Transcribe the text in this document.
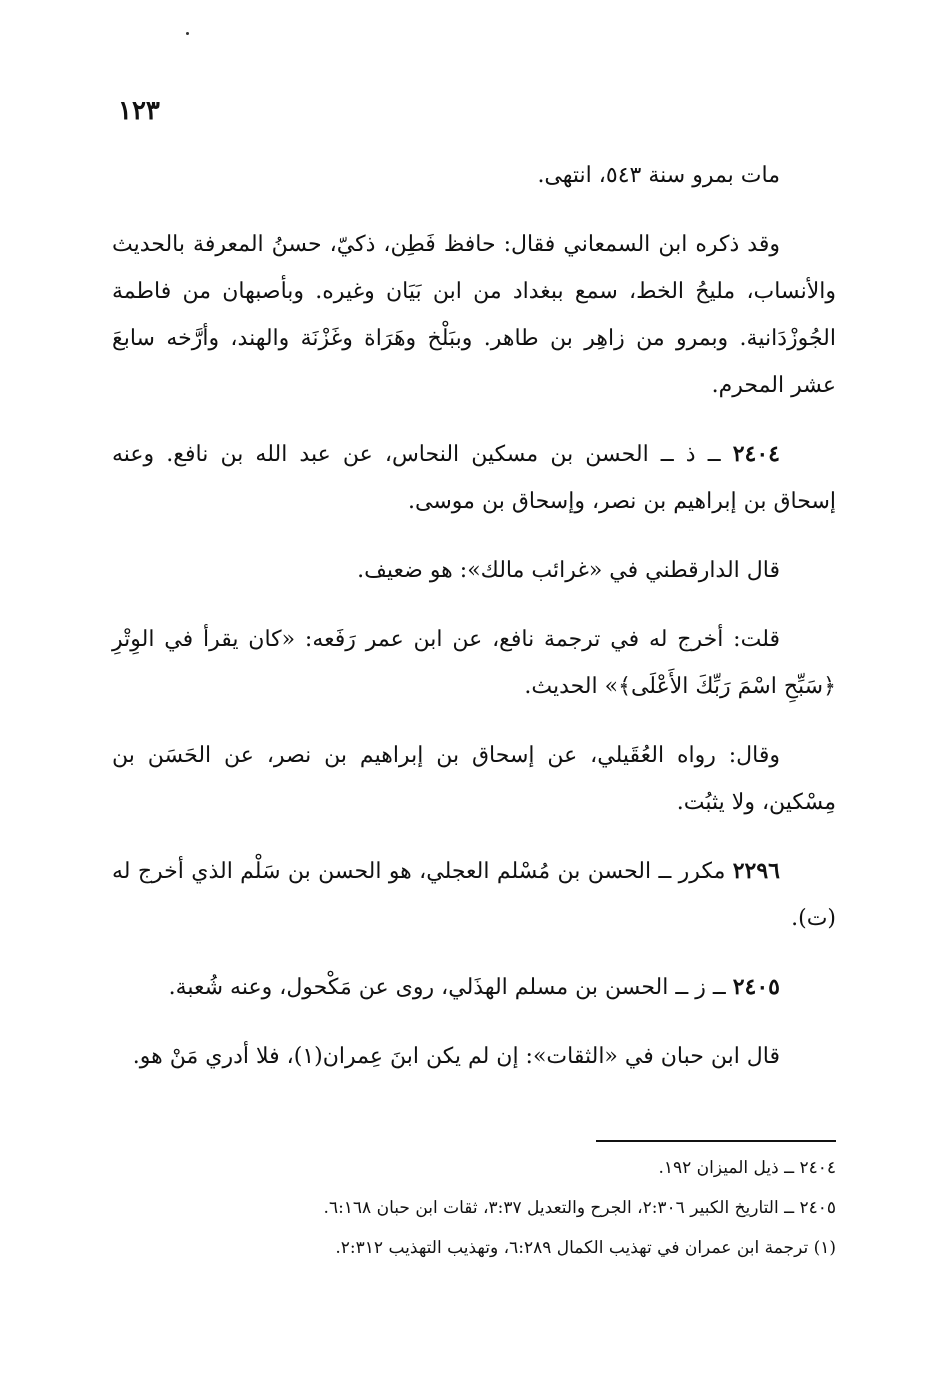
١٢٣

مات بمرو سنة ٥٤٣، انتهى.

وقد ذكره ابن السمعاني فقال: حافظ فَطِن، ذكيّ، حسنُ المعرفة بالحديث والأنساب، مليحُ الخط، سمع ببغداد من ابن بَيَان وغيره. وبأصبهان من فاطمة الجُوزْدَانية. وبمرو من زاهِر بن طاهر. وببَلْخ وهَرَاة وغَزْنَة والهند، وأرَّخه سابعَ عشر المحرم.

٢٤٠٤ ــ ذ ــ الحسن بن مسكين النحاس، عن عبد الله بن نافع. وعنه إسحاق بن إبراهيم بن نصر، وإسحاق بن موسى.

قال الدارقطني في «غرائب مالك»: هو ضعيف.

قلت: أخرج له في ترجمة نافع، عن ابن عمر رَفَعه: «كان يقرأ في الوِتْرِ ﴿سَبِّحِ اسْمَ رَبِّكَ الأَعْلَى﴾» الحديث.

وقال: رواه العُقَيلي، عن إسحاق بن إبراهيم بن نصر، عن الحَسَن بن مِسْكين، ولا يثبُت.

٢٢٩٦ مكرر ــ الحسن بن مُسْلم العجلي، هو الحسن بن سَلْم الذي أخرج له (ت).

٢٤٠٥ ــ ز ــ الحسن بن مسلم الهذَلي، روى عن مَكْحول، وعنه شُعبة.

قال ابن حبان في «الثقات»: إن لم يكن ابنَ عِمران(١)، فلا أدري مَنْ هو.

٢٤٠٤ ــ ذيل الميزان ١٩٢.

٢٤٠٥ ــ التاريخ الكبير ٢:٣٠٦، الجرح والتعديل ٣:٣٧، ثقات ابن حبان ٦:١٦٨.

(١) ترجمة ابن عمران في تهذيب الكمال ٦:٢٨٩، وتهذيب التهذيب ٢:٣١٢.
